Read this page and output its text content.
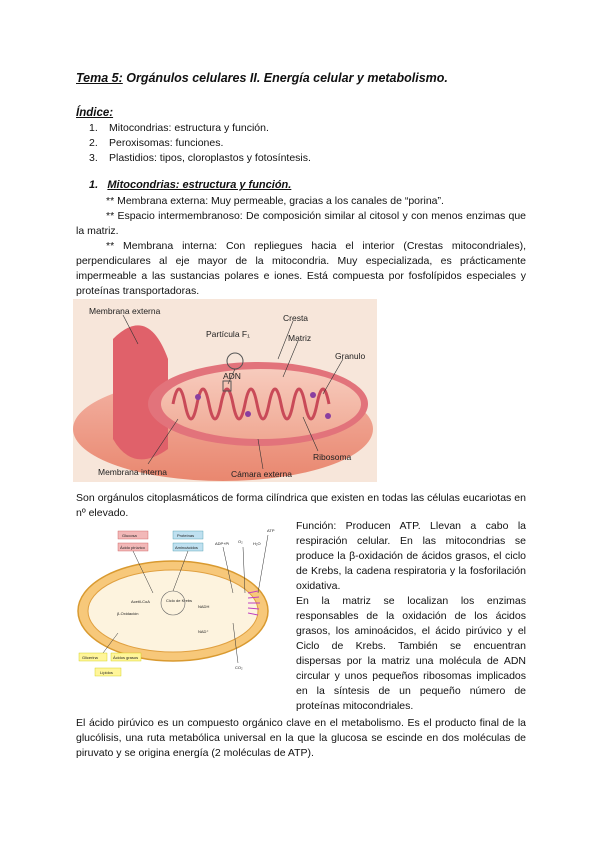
Tema 5: Orgánulos celulares II. Energía celular y metabolismo.
Índice:
1. Mitocondrias: estructura y función.
2. Peroxisomas: funciones.
3. Plastidios: tipos, cloroplastos y fotosíntesis.
1. Mitocondrias: estructura y función.

** Membrana externa: Muy permeable, gracias a los canales de “porina”.

** Espacio intermembranoso: De composición similar al citosol y con menos enzimas que la matriz.

** Membrana interna: Con repliegues hacia el interior (Crestas mitocondriales), perpendiculares al eje mayor de la mitocondria. Muy especializada, es prácticamente impermeable a las sustancias polares e iones. Está compuesta por fosfolípidos especiales y proteínas transportadoras.

Membrana externa
Cresta
Partícula F₁	Matriz
Granulo
ADN
Ribosoma
Membrana interna	Cámara externa
Son orgánulos citoplasmáticos de forma cilíndrica que existen en todas las células eucariotas en nº elevado.
Glucosa
Ácido pirúvico
Proteínas
Aminoácidos
Ciclo de Krebs
β-Oxidación
Acetil-CoA
NADH
NAD⁺
ADP+Pi O₂	H₂O
ATP
CO₂
Glicerina	Ácidos grasos
Lípidos

Función: Producen ATP. Llevan a cabo la respiración celular. En las mitocondrias se produce la β-oxidación de ácidos grasos, el ciclo de Krebs, la cadena respiratoria y la fosforilación oxidativa.

En la matriz se localizan los enzimas responsables de la oxidación de los ácidos grasos, los aminoácidos, el ácido pirúvico y el Ciclo de Krebs. También se encuentran dispersas por la matriz una molécula de ADN circular y unos pequeños ribosomas implicados en la síntesis de un pequeño número de proteínas mitocondriales.

El ácido pirúvico es un compuesto orgánico clave en el metabolismo. Es el producto final de la glucólisis, una ruta metabólica universal en la que la glucosa se escinde en dos moléculas de piruvato y se origina energía (2 moléculas de ATP).
